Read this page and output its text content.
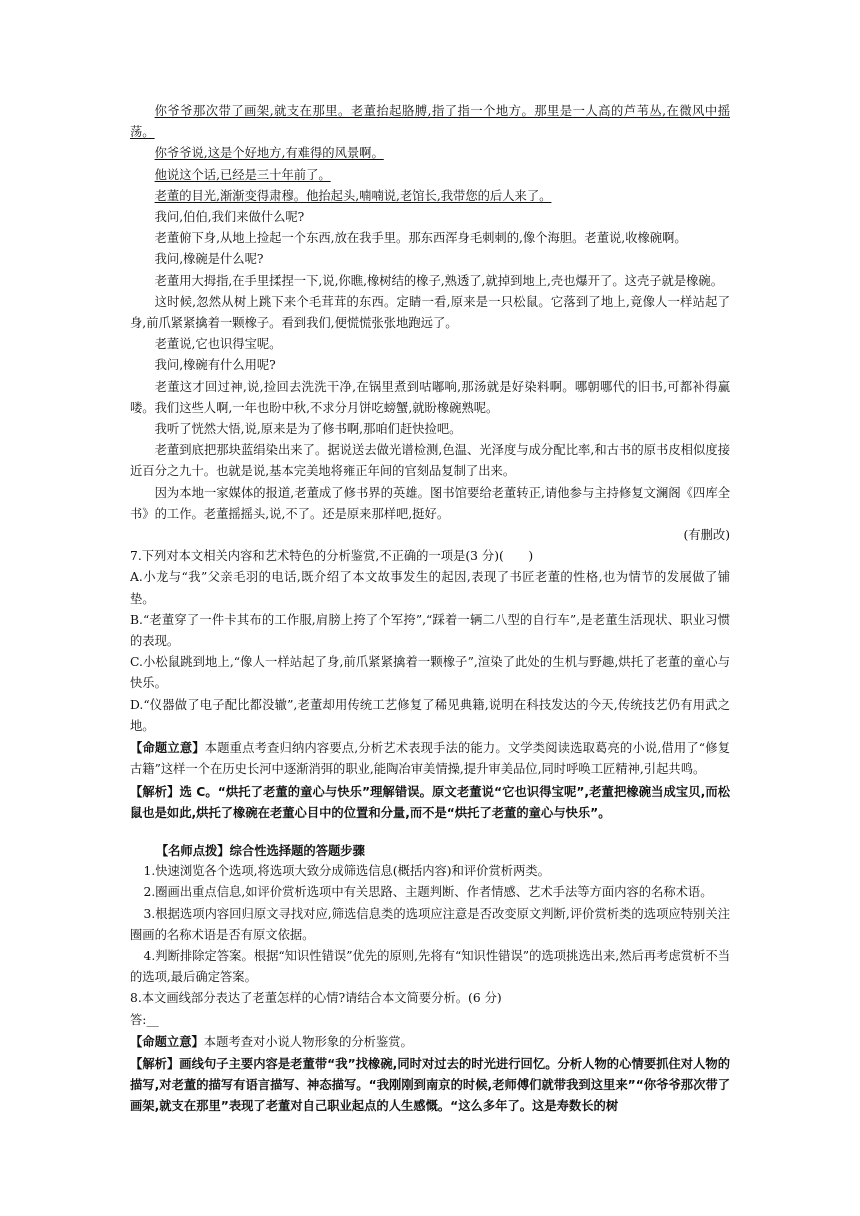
你爷爷那次带了画架,就支在那里。老董抬起胳膊,指了指一个地方。那里是一人高的芦苇丛,在微风中摇荡。

你爷爷说,这是个好地方,有难得的风景啊。

他说这个话,已经是三十年前了。

老董的目光,渐渐变得肃穆。他抬起头,喃喃说,老馆长,我带您的后人来了。

我问,伯伯,我们来做什么呢?

老董俯下身,从地上捡起一个东西,放在我手里。那东西浑身毛刺刺的,像个海胆。老董说,收橡碗啊。

我问,橡碗是什么呢?

老董用大拇指,在手里揉捏一下,说,你瞧,橡树结的橡子,熟透了,就掉到地上,壳也爆开了。这壳子就是橡碗。

这时候,忽然从树上跳下来个毛茸茸的东西。定睛一看,原来是一只松鼠。它落到了地上,竟像人一样站起了身,前爪紧紧擒着一颗橡子。看到我们,便慌慌张张地跑远了。

老董说,它也识得宝呢。

我问,橡碗有什么用呢?

老董这才回过神,说,捡回去洗洗干净,在锅里煮到咕嘟响,那汤就是好染料啊。哪朝哪代的旧书,可都补得赢喽。我们这些人啊,一年也盼中秋,不求分月饼吃螃蟹,就盼橡碗熟呢。

我听了恍然大悟,说,原来是为了修书啊,那咱们赶快捡吧。

老董到底把那块蓝绢染出来了。据说送去做光谱检测,色温、光泽度与成分配比率,和古书的原书皮相似度接近百分之九十。也就是说,基本完美地将雍正年间的官刻品复制了出来。

因为本地一家媒体的报道,老董成了修书界的英雄。图书馆要给老董转正,请他参与主持修复文澜阁《四库全书》的工作。老董摇摇头,说,不了。还是原来那样吧,挺好。

(有删改)

7.下列对本文相关内容和艺术特色的分析鉴赏,不正确的一项是(3 分)(　　)

A.小龙与“我”父亲毛羽的电话,既介绍了本文故事发生的起因,表现了书匠老董的性格,也为情节的发展做了铺垫。

B.“老董穿了一件卡其布的工作服,肩膀上挎了个军挎”,“踩着一辆二八型的自行车”,是老董生活现状、职业习惯的表现。

C.小松鼠跳到地上,“像人一样站起了身,前爪紧紧擒着一颗橡子”,渲染了此处的生机与野趣,烘托了老董的童心与快乐。

D.“仪器做了电子配比都没辙”,老董却用传统工艺修复了稀见典籍,说明在科技发达的今天,传统技艺仍有用武之地。

【命题立意】本题重点考查归纳内容要点,分析艺术表现手法的能力。文学类阅读选取葛亮的小说,借用了“修复古籍”这样一个在历史长河中逐渐消弭的职业,能陶冶审美情操,提升审美品位,同时呼唤工匠精神,引起共鸣。

【解析】选 C。“烘托了老董的童心与快乐”理解错误。原文老董说“它也识得宝呢”,老董把橡碗当成宝贝,而松鼠也是如此,烘托了橡碗在老董心目中的位置和分量,而不是“烘托了老董的童心与快乐”。

【名师点拨】综合性选择题的答题步骤

1.快速浏览各个选项,将选项大致分成筛选信息(概括内容)和评价赏析两类。

2.圈画出重点信息,如评价赏析选项中有关思路、主题判断、作者情感、艺术手法等方面内容的名称术语。

3.根据选项内容回归原文寻找对应,筛选信息类的选项应注意是否改变原文判断,评价赏析类的选项应特别关注圈画的名称术语是否有原文依据。

4.判断排除定答案。根据“知识性错误”优先的原则,先将有“知识性错误”的选项挑选出来,然后再考虑赏析不当的选项,最后确定答案。

8.本文画线部分表达了老董怎样的心情?请结合本文简要分析。(6 分)

答:__

【命题立意】本题考查对小说人物形象的分析鉴赏。

【解析】画线句子主要内容是老董带“我”找橡碗,同时对过去的时光进行回忆。分析人物的心情要抓住对人物的描写,对老董的描写有语言描写、神态描写。“我刚刚到南京的时候,老师傅们就带我到这里来”“你爷爷那次带了画架,就支在那里”表现了老董对自己职业起点的人生感慨。“这么多年了。这是寿数长的树
